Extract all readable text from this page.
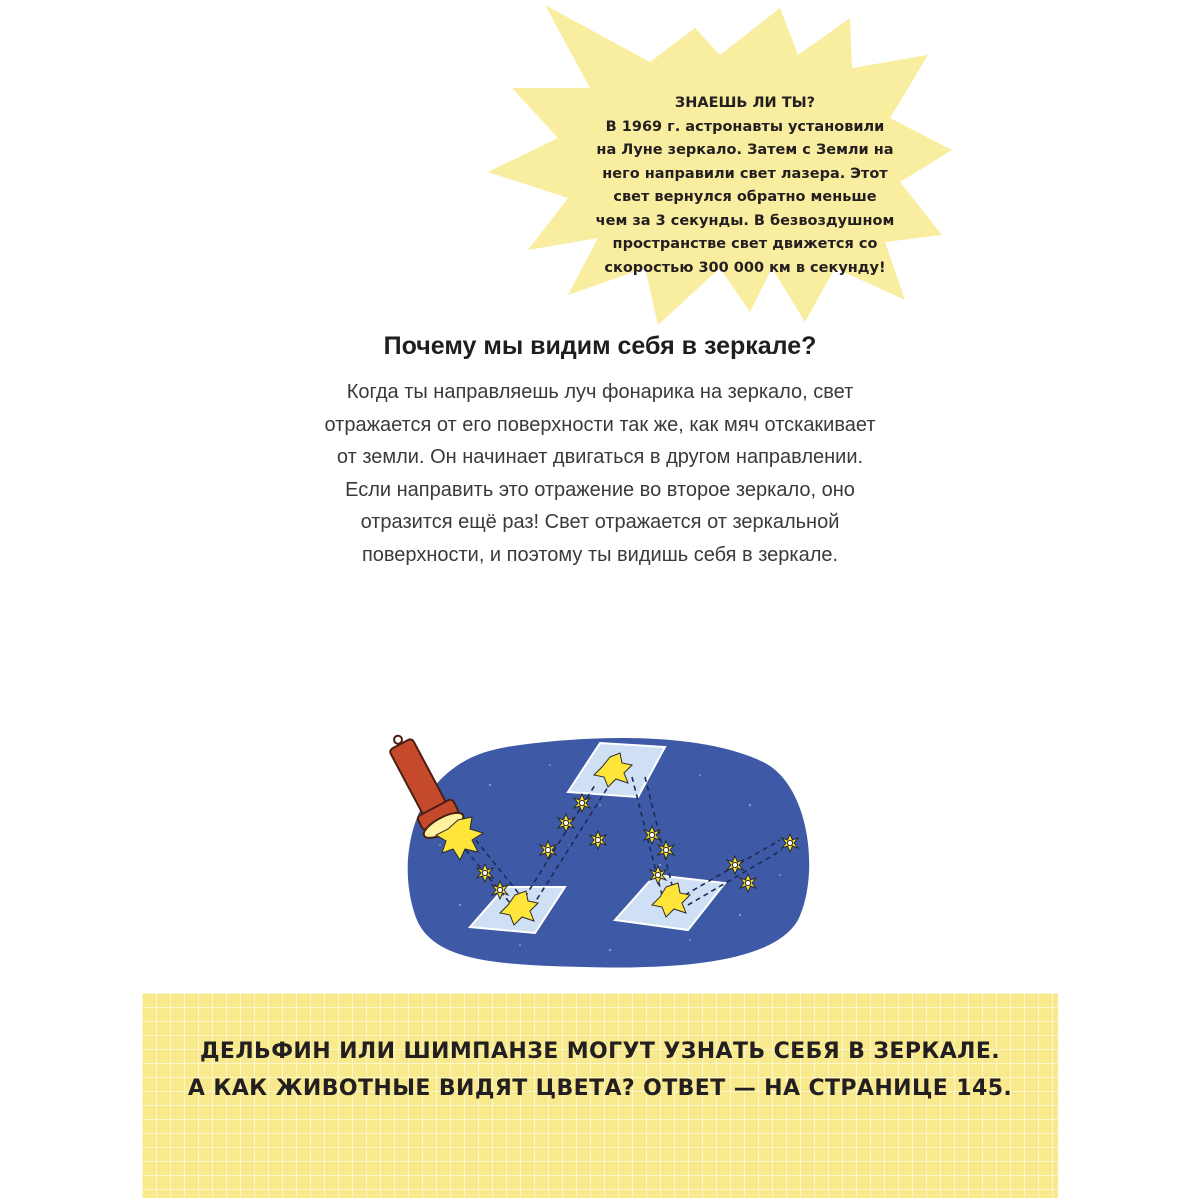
ЗНАЕШЬ ЛИ ТЫ?
В 1969 г. астронавты установили
на Луне зеркало. Затем с Земли на
него направили свет лазера. Этот
свет вернулся обратно меньше
чем за 3 секунды. В безвоздушном
пространстве свет движется со
скоростью 300 000 км в секунду!
Почему мы видим себя в зеркале?
Когда ты направляешь луч фонарика на зеркало, свет
отражается от его поверхности так же, как мяч отскакивает
от земли. Он начинает двигаться в другом направлении.
Если направить это отражение во второе зеркало, оно
отразится ещё раз! Свет отражается от зеркальной
поверхности, и поэтому ты видишь себя в зеркале.
ДЕЛЬФИН ИЛИ ШИМПАНЗЕ МОГУТ УЗНАТЬ СЕБЯ В ЗЕРКАЛЕ.
А КАК ЖИВОТНЫЕ ВИДЯТ ЦВЕТА? ОТВЕТ — НА СТРАНИЦЕ 145.
